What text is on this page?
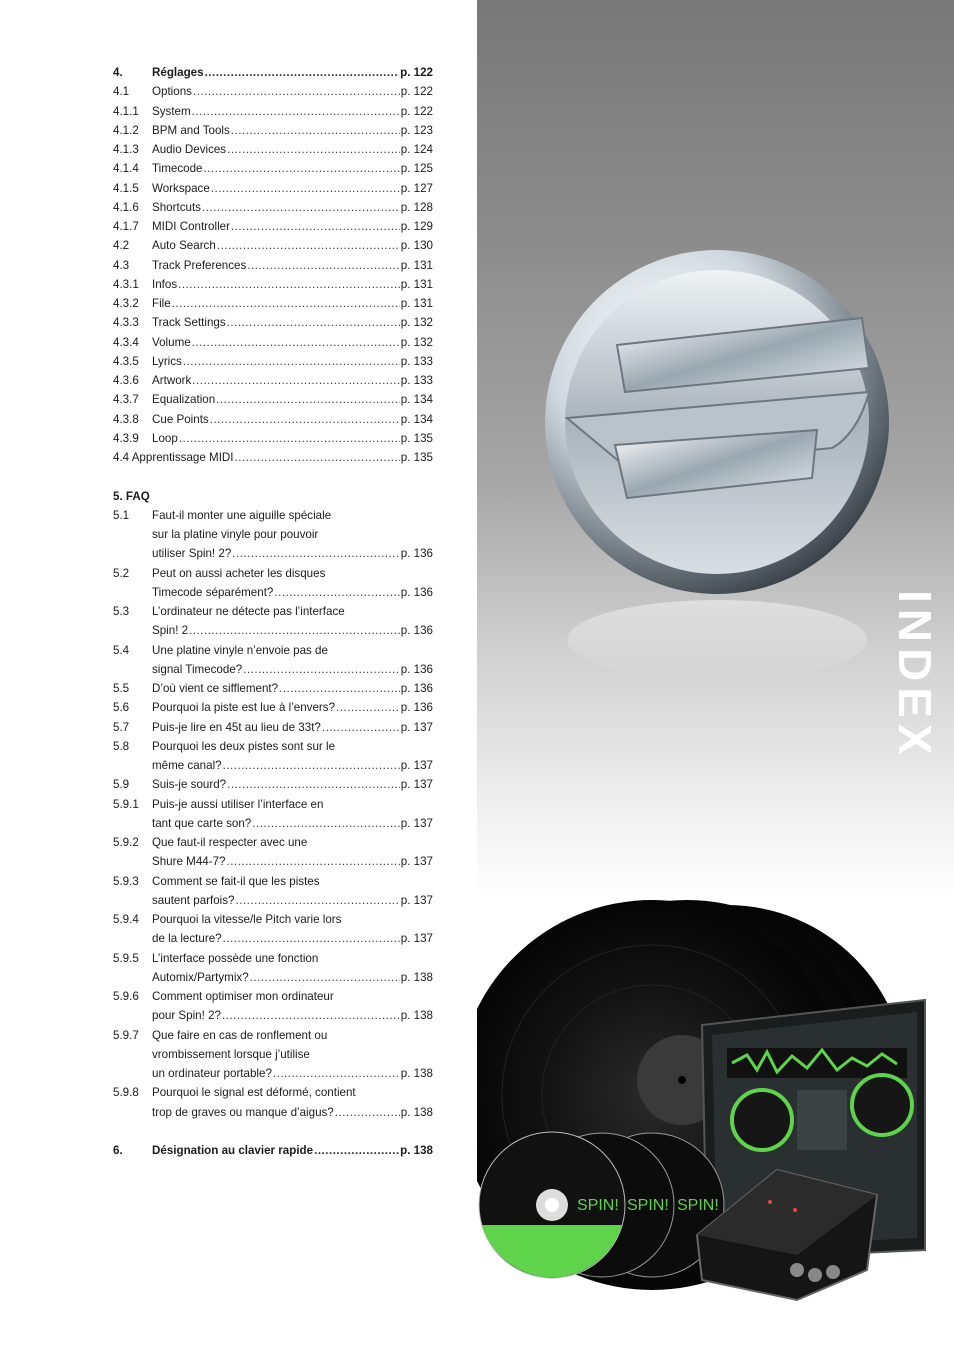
4.	Réglages .....	p. 122
4.1	Options .....	p. 122
4.1.1	System .....	p. 122
4.1.2	BPM and Tools .....	p. 123
4.1.3	Audio Devices .....	p. 124
4.1.4	Timecode .....	p. 125
4.1.5	Workspace .....	p. 127
4.1.6	Shortcuts .....	p. 128
4.1.7	MIDI Controller .....	p. 129
4.2	Auto Search .....	p. 130
4.3	Track Preferences .....	p. 131
4.3.1	Infos .....	p. 131
4.3.2	File .....	p. 131
4.3.3	Track Settings .....	p. 132
4.3.4	Volume .....	p. 132
4.3.5	Lyrics .....	p. 133
4.3.6	Artwork .....	p. 133
4.3.7	Equalization .....	p. 134
4.3.8	Cue Points .....	p. 134
4.3.9	Loop .....	p. 135
4.4 Apprentissage MIDI .....	p. 135
5. FAQ
5.1	Faut-il monter une aiguille spéciale
sur la platine vinyle pour pouvoir
utiliser Spin! 2? .....	p. 136
5.2	Peut on aussi acheter les disques
Timecode séparément? .....	p. 136
5.3	L’ordinateur ne détecte pas l’interface
Spin! 2 .....	p. 136
5.4	Une platine vinyle n’envoie pas de
signal Timecode? .....	p. 136
5.5	D’où vient ce sifflement? .....	p. 136
5.6	Pourquoi la piste est lue à l’envers? .....	p. 136
5.7	Puis-je lire en 45t au lieu de 33t? .....	p. 137
5.8	Pourquoi les deux pistes sont sur le
même canal? .....	p. 137
5.9	Suis-je sourd? .....	p. 137
5.9.1	Puis-je aussi utiliser l’interface en
tant que carte son? .....	p. 137
5.9.2	Que faut-il respecter avec une
Shure M44-7? .....	p. 137
5.9.3	Comment se fait-il que les pistes
sautent parfois? .....	p. 137
5.9.4	Pourquoi la vitesse/le Pitch varie lors
de la lecture? .....	p. 137
5.9.5	L’interface possède une fonction
Automix/Partymix? .....	p. 138
5.9.6	Comment optimiser mon ordinateur
pour Spin! 2? .....	p. 138
5.9.7	Que faire en cas de ronflement ou
vrombissement lorsque j’utilise
un ordinateur portable? .....	p. 138
5.9.8	Pourquoi le signal est déformé, contient
trop de graves ou manque d’aigus? .....	p. 138
6.	Désignation au clavier rapide .....	p. 138
INDEX
SPIN! SPIN! SPIN!
